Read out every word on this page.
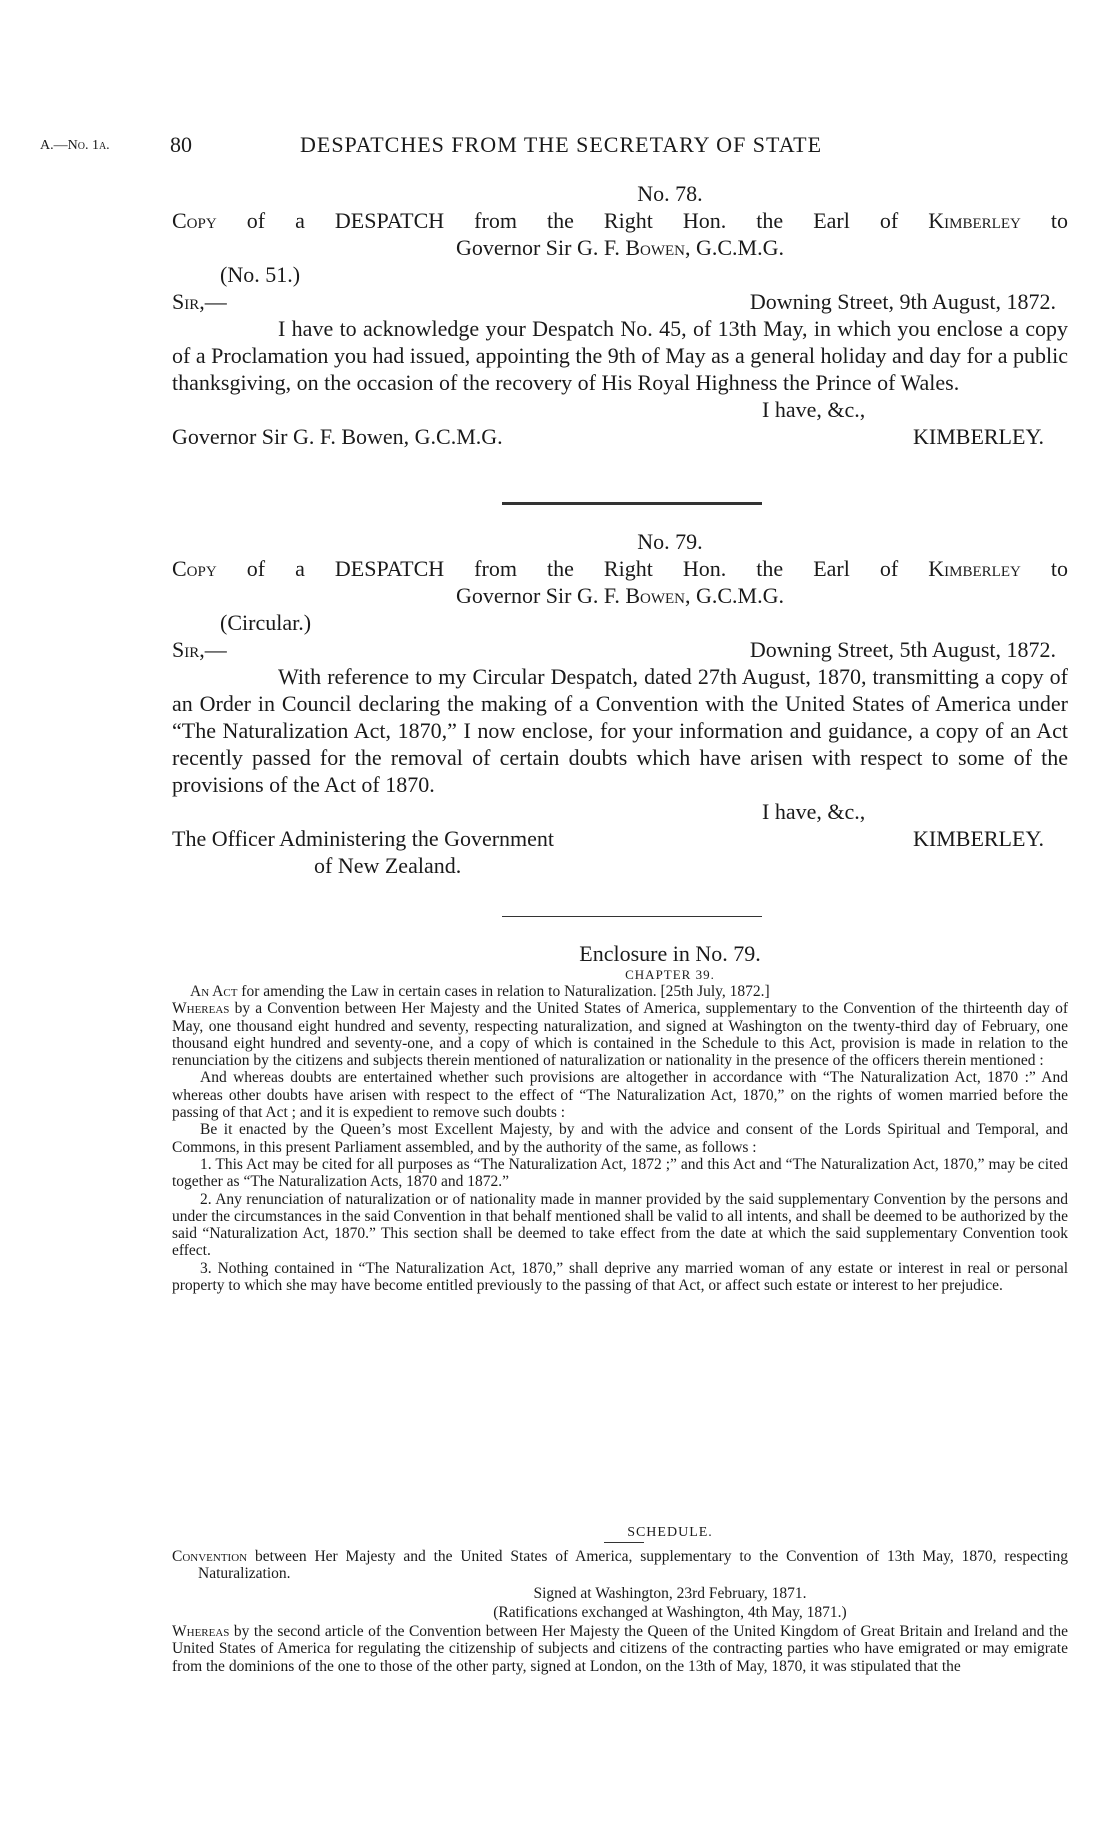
A.—No. 1a.	80	DESPATCHES FROM THE SECRETARY OF STATE
No. 78.
Copy of a DESPATCH from the Right Hon. the Earl of Kimberley to
Governor Sir G. F. Bowen, G.C.M.G.
(No. 51.)
Sir,—	Downing Street, 9th August, 1872.
I have to acknowledge your Despatch No. 45, of 13th May, in which you enclose a copy of a Proclamation you had issued, appointing the 9th of May as a general holiday and day for a public thanksgiving, on the occasion of the recovery of His Royal Highness the Prince of Wales.
I have, &c.,
Governor Sir G. F. Bowen, G.C.M.G.	KIMBERLEY.
No. 79.
Copy of a DESPATCH from the Right Hon. the Earl of Kimberley to
Governor Sir G. F. Bowen, G.C.M.G.
(Circular.)
Sir,—	Downing Street, 5th August, 1872.
With reference to my Circular Despatch, dated 27th August, 1870, transmitting a copy of an Order in Council declaring the making of a Convention with the United States of America under “The Naturalization Act, 1870,” I now enclose, for your information and guidance, a copy of an Act recently passed for the removal of certain doubts which have arisen with respect to some of the provisions of the Act of 1870.
I have, &c.,
The Officer Administering the Government	KIMBERLEY.
of New Zealand.
Enclosure in No. 79.
CHAPTER 39.
An Act for amending the Law in certain cases in relation to Naturalization. [25th July, 1872.]
Whereas by a Convention between Her Majesty and the United States of America, supplementary to the Convention of the thirteenth day of May, one thousand eight hundred and seventy, respecting naturalization, and signed at Washington on the twenty-third day of February, one thousand eight hundred and seventy-one, and a copy of which is contained in the Schedule to this Act, provision is made in relation to the renunciation by the citizens and subjects therein mentioned of naturalization or nationality in the presence of the officers therein mentioned :
And whereas doubts are entertained whether such provisions are altogether in accordance with “The Naturalization Act, 1870 :” And whereas other doubts have arisen with respect to the effect of “The Naturalization Act, 1870,” on the rights of women married before the passing of that Act ; and it is expedient to remove such doubts :
Be it enacted by the Queen’s most Excellent Majesty, by and with the advice and consent of the Lords Spiritual and Temporal, and Commons, in this present Parliament assembled, and by the authority of the same, as follows :
1. This Act may be cited for all purposes as “The Naturalization Act, 1872 ;” and this Act and “The Naturalization Act, 1870,” may be cited together as “The Naturalization Acts, 1870 and 1872.”
2. Any renunciation of naturalization or of nationality made in manner provided by the said supplementary Convention by the persons and under the circumstances in the said Convention in that behalf mentioned shall be valid to all intents, and shall be deemed to be authorized by the said “Naturalization Act, 1870.” This section shall be deemed to take effect from the date at which the said supplementary Convention took effect.
3. Nothing contained in “The Naturalization Act, 1870,” shall deprive any married woman of any estate or interest in real or personal property to which she may have become entitled previously to the passing of that Act, or affect such estate or interest to her prejudice.
SCHEDULE.
Convention between Her Majesty and the United States of America, supplementary to the Convention of 13th May, 1870, respecting Naturalization.
Signed at Washington, 23rd February, 1871.
(Ratifications exchanged at Washington, 4th May, 1871.)
Whereas by the second article of the Convention between Her Majesty the Queen of the United Kingdom of Great Britain and Ireland and the United States of America for regulating the citizenship of subjects and citizens of the contracting parties who have emigrated or may emigrate from the dominions of the one to those of the other party, signed at London, on the 13th of May, 1870, it was stipulated that the
